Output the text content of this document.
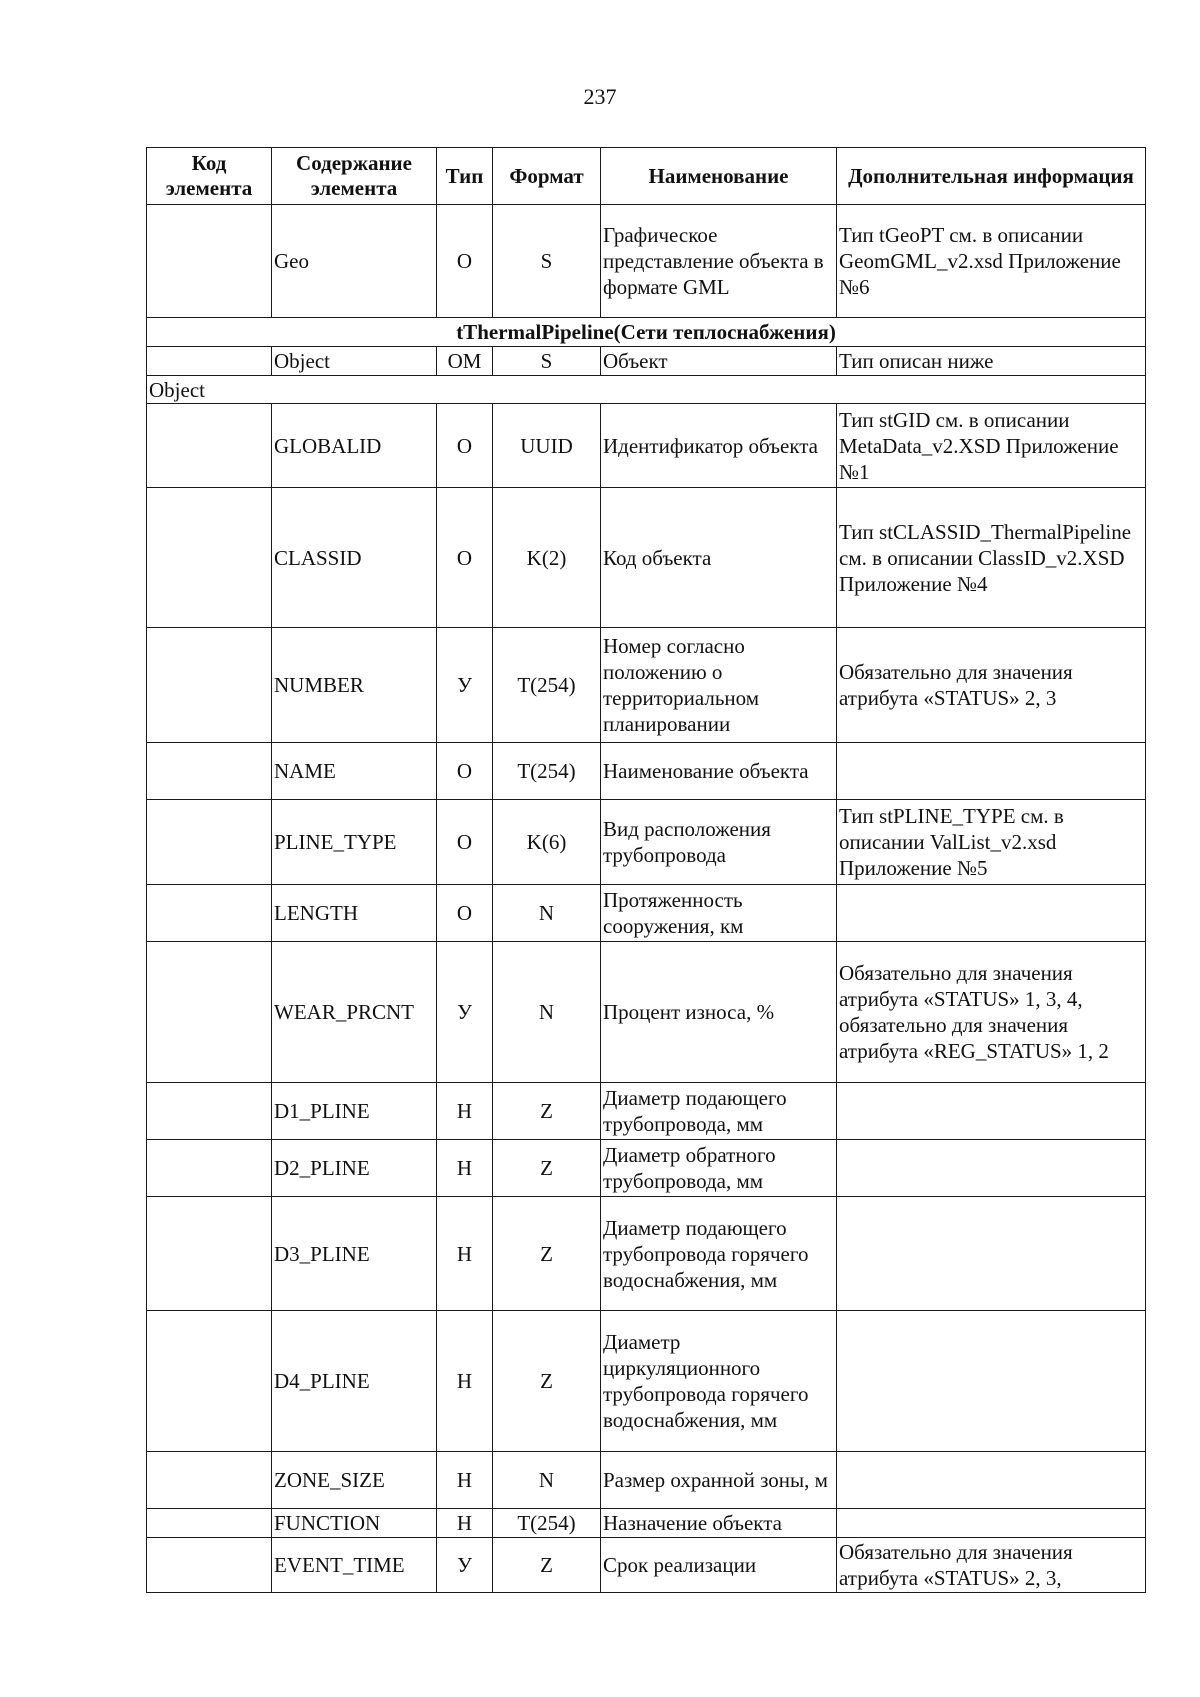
237
Код элемента	Содержание элемента	Тип	Формат	Наименование	Дополнительная информация
	Geo	О	S	Графическое представление объекта в формате GML	Тип tGeoPT см. в описании GeomGML_v2.xsd Приложение №6
tThermalPipeline(Сети теплоснабжения)					
	Object	ОМ	S	Объект	Тип описан ниже
Object					
	GLOBALID	О	UUID	Идентификатор объекта	Тип stGID см. в описании MetaData_v2.XSD Приложение №1
	CLASSID	О	K(2)	Код объекта	Тип stCLASSID_ThermalPipeline см. в описании ClassID_v2.XSD Приложение №4
	NUMBER	У	T(254)	Номер согласно положению о территориальном планировании	Обязательно для значения атрибута «STATUS» 2, 3
	NAME	О	T(254)	Наименование объекта	
	PLINE_TYPE	О	K(6)	Вид расположения трубопровода	Тип stPLINE_TYPE см. в описании ValList_v2.xsd Приложение №5
	LENGTH	О	N	Протяженность сооружения, км	
	WEAR_PRCNT	У	N	Процент износа, %	Обязательно для значения атрибута «STATUS» 1, 3, 4, обязательно для значения атрибута «REG_STATUS» 1, 2
	D1_PLINE	Н	Z	Диаметр подающего трубопровода, мм	
	D2_PLINE	Н	Z	Диаметр обратного трубопровода, мм	
	D3_PLINE	Н	Z	Диаметр подающего трубопровода горячего водоснабжения, мм	
	D4_PLINE	Н	Z	Диаметр циркуляционного трубопровода горячего водоснабжения, мм	
	ZONE_SIZE	Н	N	Размер охранной зоны, м	
	FUNCTION	Н	T(254)	Назначение объекта	
	EVENT_TIME	У	Z	Срок реализации	Обязательно для значения атрибута «STATUS» 2, 3,
